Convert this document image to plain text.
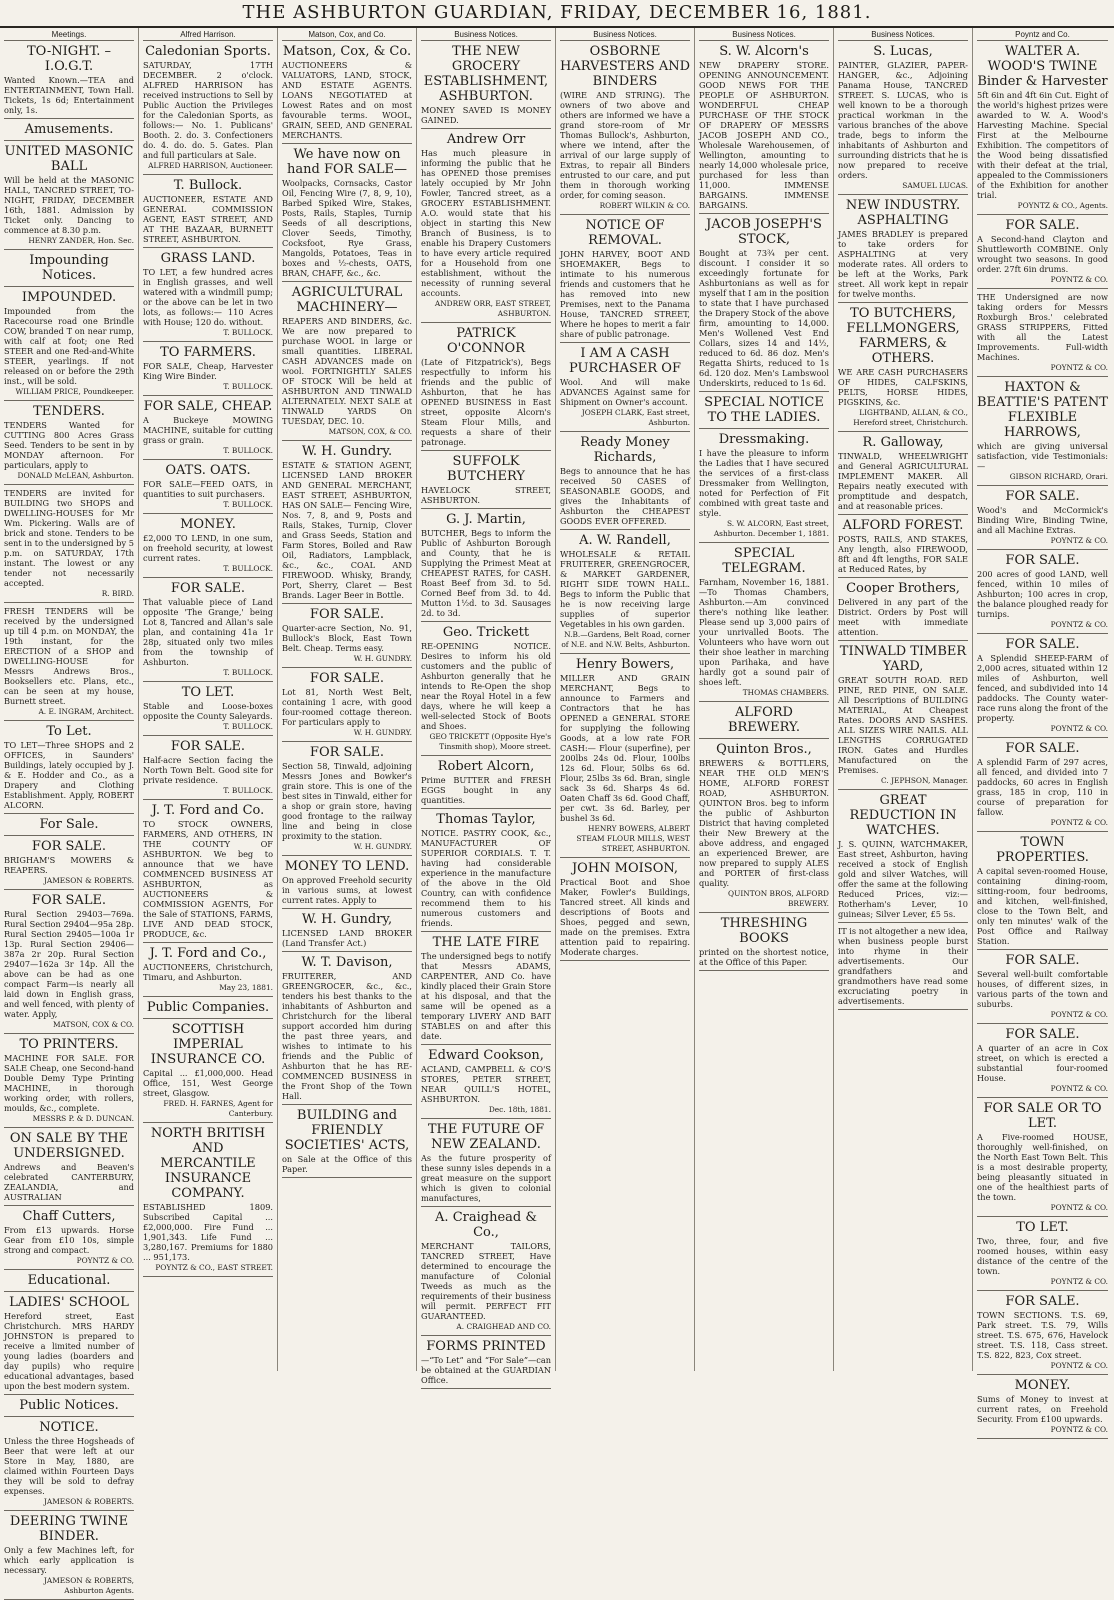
THE ASHBURTON GUARDIAN, FRIDAY, DECEMBER 16, 1881.
Meetings.
TO-NIGHT. – I.O.G.T.
Wanted Known.—TEA and ENTERTAINMENT, Town Hall. Tickets, 1s 6d; Entertainment only, 1s.
Amusements.
UNITED MASONIC BALL
Will be held at the MASONIC HALL, TANCRED STREET, TO-NIGHT, FRIDAY, DECEMBER 16th, 1881. Admission by Ticket only. Dancing to commence at 8.30 p.m.
HENRY ZANDER, Hon. Sec.
Impounding Notices.
IMPOUNDED.
Impounded from the Racecourse road one Brindle COW, branded T on near rump, with calf at foot; one Red STEER and one Red-and-White STEER, yearlings. If not released on or before the 29th inst., will be sold.
WILLIAM PRICE, Poundkeeper.
TENDERS.
TENDERS Wanted for CUTTING 800 Acres Grass Seed. Tenders to be sent in by MONDAY afternoon. For particulars, apply to
DONALD McLEAN, Ashburton.
TENDERS are invited for BUILDING two SHOPS and DWELLING-HOUSES for Mr Wm. Pickering. Walls are of brick and stone. Tenders to be sent in to the undersigned by 5 p.m. on SATURDAY, 17th instant. The lowest or any tender not necessarily accepted.
R. BIRD.
FRESH TENDERS will be received by the undersigned up till 4 p.m. on MONDAY, the 19th instant, for the ERECTION of a SHOP and DWELLING-HOUSE for Messrs Andrews Bros., Booksellers etc. Plans, etc., can be seen at my house, Burnett street.
A. E. INGRAM, Architect.
To Let.
TO LET—Three SHOPS and 2 OFFICES, in Saunders' Buildings, lately occupied by J. & E. Hodder and Co., as a Drapery and Clothing Establishment. Apply, ROBERT ALCORN.
For Sale.
FOR SALE.
BRIGHAM'S MOWERS & REAPERS.
JAMESON & ROBERTS.
FOR SALE.
Rural Section 29403—769a. Rural Section 29404—95a 28p. Rural Section 29405—100a 1r 13p. Rural Section 29406—387a 2r 20p. Rural Section 29407—162a 3r 14p. All the above can be had as one compact Farm—is nearly all laid down in English grass, and well fenced, with plenty of water. Apply,
MATSON, COX & CO.
TO PRINTERS.
MACHINE FOR SALE. FOR SALE Cheap, one Second-hand Double Demy Type Printing MACHINE, in thorough working order, with rollers, moulds, &c., complete.
MESSRS P. & D. DUNCAN.
ON SALE BY THE UNDERSIGNED.
Andrews and Beaven's celebrated CANTERBURY, ZEALANDIA, and AUSTRALIAN
Chaff Cutters,
From £13 upwards. Horse Gear from £10 10s, simple strong and compact.
POYNTZ & CO.
Educational.
LADIES' SCHOOL
Hereford street, East Christchurch. MRS HARDY JOHNSTON is prepared to receive a limited number of young ladies (boarders and day pupils) who require educational advantages, based upon the best modern system.
Public Notices.
NOTICE.
Unless the three Hogsheads of Beer that were left at our Store in May, 1880, are claimed within Fourteen Days they will be sold to defray expenses.
JAMESON & ROBERTS.
DEERING TWINE BINDER.
Only a few Machines left, for which early application is necessary.
JAMESON & ROBERTS, Ashburton Agents.
Alfred Harrison.
Caledonian Sports.
SATURDAY, 17TH DECEMBER. 2 o'clock. ALFRED HARRISON has received instructions to Sell by Public Auction the Privileges for the Caledonian Sports, as follows:— No. 1. Publicans' Booth. 2. do. 3. Confectioners do. 4. do. do. 5. Gates. Plan and full particulars at Sale.
ALFRED HARRISON, Auctioneer.
T. Bullock.
AUCTIONEER, ESTATE AND GENERAL COMMISSION AGENT, EAST STREET, AND AT THE BAZAAR, BURNETT STREET, ASHBURTON.
GRASS LAND.
TO LET, a few hundred acres in English grasses, and well watered with a windmill pump; or the above can be let in two lots, as follows:— 110 Acres with House; 120 do. without.
T. BULLOCK.
TO FARMERS.
FOR SALE, Cheap, Harvester King Wire Binder.
T. BULLOCK.
FOR SALE, CHEAP.
A Buckeye MOWING MACHINE, suitable for cutting grass or grain.
T. BULLOCK.
OATS. OATS.
FOR SALE—FEED OATS, in quantities to suit purchasers.
T. BULLOCK.
MONEY.
£2,000 TO LEND, in one sum, on freehold security, at lowest current rates.
T. BULLOCK.
FOR SALE.
That valuable piece of Land opposite 'The Grange,' being Lot 8, Tancred and Allan's sale plan, and containing 41a 1r 28p, situated only two miles from the township of Ashburton.
T. BULLOCK.
TO LET.
Stable and Loose-boxes opposite the County Saleyards.
T. BULLOCK.
FOR SALE.
Half-acre Section facing the North Town Belt. Good site for private residence.
T. BULLOCK.
J. T. Ford and Co.
TO STOCK OWNERS, FARMERS, AND OTHERS, IN THE COUNTY OF ASHBURTON. We beg to announce that we have COMMENCED BUSINESS AT ASHBURTON, as AUCTIONEERS & COMMISSION AGENTS, For the Sale of STATIONS, FARMS, LIVE AND DEAD STOCK, PRODUCE, &c.
J. T. Ford and Co.,
AUCTIONEERS, Christchurch, Timaru, and Ashburton.
May 23, 1881.
Public Companies.
SCOTTISH IMPERIAL INSURANCE CO.
Capital ... £1,000,000. Head Office, 151, West George street, Glasgow.
FRED. H. FARNES, Agent for Canterbury.
NORTH BRITISH AND MERCANTILE INSURANCE COMPANY.
ESTABLISHED 1809. Subscribed Capital ... £2,000,000. Fire Fund ... 1,901,343. Life Fund ... 3,280,167. Premiums for 1880 ... 951,173.
POYNTZ & CO., EAST STREET.
Matson, Cox, and Co.
Matson, Cox, & Co.
AUCTIONEERS & VALUATORS, LAND, STOCK, AND ESTATE AGENTS. LOANS NEGOTIATED at Lowest Rates and on most favourable terms. WOOL, GRAIN, SEED, AND GENERAL MERCHANTS.
We have now on hand FOR SALE—
Woolpacks, Cornsacks, Castor Oil, Fencing Wire (7, 8, 9, 10), Barbed Spiked Wire, Stakes, Posts, Rails, Staples, Turnip Seeds of all descriptions, Clover Seeds, Timothy, Cocksfoot, Rye Grass, Mangolds, Potatoes, Teas in boxes and ½-chests, OATS, BRAN, CHAFF, &c., &c.
AGRICULTURAL MACHINERY—
REAPERS AND BINDERS, &c. We are now prepared to purchase WOOL in large or small quantities. LIBERAL CASH ADVANCES made on wool. FORTNIGHTLY SALES OF STOCK Will be held at ASHBURTON AND TINWALD ALTERNATELY. NEXT SALE at TINWALD YARDS On TUESDAY, DEC. 10.
MATSON, COX, & CO.
W. H. Gundry.
ESTATE & STATION AGENT, LICENSED LAND BROKER AND GENERAL MERCHANT, EAST STREET, ASHBURTON, HAS ON SALE— Fencing Wire, Nos. 7, 8, and 9, Posts and Rails, Stakes, Turnip, Clover and Grass Seeds, Station and Farm Stores, Boiled and Raw Oil, Radiators, Lampblack, &c., &c., COAL AND FIREWOOD. Whisky, Brandy, Port, Sherry, Claret — Best Brands. Lager Beer in Bottle.
FOR SALE.
Quarter-acre Section, No. 91, Bullock's Block, East Town Belt. Cheap. Terms easy.
W. H. GUNDRY.
FOR SALE.
Lot 81, North West Belt, containing 1 acre, with good four-roomed cottage thereon. For particulars apply to
W. H. GUNDRY.
FOR SALE.
Section 58, Tinwald, adjoining Messrs Jones and Bowker's grain store. This is one of the best sites in Tinwald, either for a shop or grain store, having good frontage to the railway line and being in close proximity to the station.
W. H. GUNDRY.
MONEY TO LEND.
On approved Freehold security in various sums, at lowest current rates. Apply to
W. H. Gundry,
LICENSED LAND BROKER (Land Transfer Act.)
W. T. Davison,
FRUITERER, AND GREENGROCER, &c., &c., tenders his best thanks to the inhabitants of Ashburton and Christchurch for the liberal support accorded him during the past three years, and wishes to intimate to his friends and the Public of Ashburton that he has RE-COMMENCED BUSINESS in the Front Shop of the Town Hall.
BUILDING and FRIENDLY SOCIETIES' ACTS,
on Sale at the Office of this Paper.
Business Notices.
THE NEW GROCERY ESTABLISHMENT, ASHBURTON.
MONEY SAVED IS MONEY GAINED.
Andrew Orr
Has much pleasure in informing the public that he has OPENED those premises lately occupied by Mr John Fowler, Tancred street, as a GROCERY ESTABLISHMENT. A.O. would state that his object in starting this New Branch of Business, is to enable his Drapery Customers to have every article required for a Household from one establishment, without the necessity of running several accounts.
ANDREW ORR, EAST STREET, ASHBURTON.
PATRICK O'CONNOR
(Late of Fitzpatrick's), Begs respectfully to inform his friends and the public of Ashburton, that he has OPENED BUSINESS in East street, opposite Alcorn's Steam Flour Mills, and requests a share of their patronage.
SUFFOLK BUTCHERY
HAVELOCK STREET, ASHBURTON.
G. J. Martin,
BUTCHER, Begs to inform the Public of Ashburton Borough and County, that he is Supplying the Primest Meat at CHEAPEST RATES, for CASH. Roast Beef from 3d. to 5d. Corned Beef from 3d. to 4d. Mutton 1½d. to 3d. Sausages 2d. to 3d.
Geo. Trickett
RE-OPENING NOTICE. Desires to inform his old customers and the public of Ashburton generally that he intends to Re-Open the shop near the Royal Hotel in a few days, where he will keep a well-selected Stock of Boots and Shoes.
GEO TRICKETT (Opposite Hye's Tinsmith shop), Moore street.
Robert Alcorn,
Prime BUTTER and FRESH EGGS bought in any quantities.
Thomas Taylor,
NOTICE. PASTRY COOK, &c., MANUFACTURER OF SUPERIOR CORDIALS. T. T. having had considerable experience in the manufacture of the above in the Old Country, can with confidence recommend them to his numerous customers and friends.
THE LATE FIRE
The undersigned begs to notify that Messrs ADAMS, CARPENTER, AND Co. have kindly placed their Grain Store at his disposal, and that the same will be opened as a temporary LIVERY AND BAIT STABLES on and after this date.
Edward Cookson,
ACLAND, CAMPBELL & CO'S STORES, PETER STREET, NEAR QUILL'S HOTEL, ASHBURTON.
Dec. 18th, 1881.
THE FUTURE OF NEW ZEALAND.
As the future prosperity of these sunny isles depends in a great measure on the support which is given to colonial manufactures,
A. Craighead & Co.,
MERCHANT TAILORS, TANCRED STREET, Have determined to encourage the manufacture of Colonial Tweeds as much as the requirements of their business will permit. PERFECT FIT GUARANTEED.
A. CRAIGHEAD AND CO.
FORMS PRINTED
—“To Let” and “For Sale”—can be obtained at the GUARDIAN Office.
Business Notices.
OSBORNE HARVESTERS AND BINDERS
(WIRE AND STRING). The owners of two above and others are informed we have a grand store-room of Mr Thomas Bullock's, Ashburton, where we intend, after the arrival of our large supply of Extras, to repair all Binders entrusted to our care, and put them in thorough working order, for coming season.
ROBERT WILKIN & CO.
NOTICE OF REMOVAL.
JOHN HARVEY, BOOT AND SHOEMAKER, Begs to intimate to his numerous friends and customers that he has removed into new Premises, next to the Panama House, TANCRED STREET, Where he hopes to merit a fair share of public patronage.
I AM A CASH PURCHASER OF
Wool. And will make ADVANCES Against same for Shipment on Owner's account.
JOSEPH CLARK, East street, Ashburton.
Ready Money Richards,
Begs to announce that he has received 50 CASES of SEASONABLE GOODS, and gives the Inhabitants of Ashburton the CHEAPEST GOODS EVER OFFERED.
A. W. Randell,
WHOLESALE & RETAIL FRUITERER, GREENGROCER, & MARKET GARDENER, RIGHT SIDE TOWN HALL. Begs to inform the Public that he is now receiving large supplies of superior Vegetables in his own garden.
N.B.—Gardens, Belt Road, corner of N.E. and N.W. Belts, Ashburton.
Henry Bowers,
MILLER AND GRAIN MERCHANT, Begs to announce to Farmers and Contractors that he has OPENED a GENERAL STORE for supplying the following Goods, at a low rate FOR CASH:— Flour (superfine), per 200lbs 24s 0d. Flour, 100lbs 12s 6d. Flour, 50lbs 6s 6d. Flour, 25lbs 3s 6d. Bran, single sack 3s 6d. Sharps 4s 6d. Oaten Chaff 3s 6d. Good Chaff, per cwt. 3s 6d. Barley, per bushel 3s 6d.
HENRY BOWERS, ALBERT STEAM FLOUR MILLS, WEST STREET, ASHBURTON.
JOHN MOISON,
Practical Boot and Shoe Maker, Fowler's Buildings, Tancred street. All kinds and descriptions of Boots and Shoes, pegged and sewn, made on the premises. Extra attention paid to repairing. Moderate charges.
Business Notices.
S. W. Alcorn's
NEW DRAPERY STORE. OPENING ANNOUNCEMENT. GOOD NEWS FOR THE PEOPLE OF ASHBURTON. WONDERFUL CHEAP PURCHASE OF THE STOCK OF DRAPERY OF MESSRS JACOB JOSEPH AND CO., Wholesale Warehousemen, of Wellington, amounting to nearly 14,000 wholesale price, purchased for less than 11,000. IMMENSE BARGAINS. IMMENSE BARGAINS.
JACOB JOSEPH'S STOCK,
Bought at 73¾ per cent. discount. I consider it so exceedingly fortunate for Ashburtonians as well as for myself that I am in the position to state that I have purchased the Drapery Stock of the above firm, amounting to 14,000. Men's Wollened Vest End Collars, sizes 14 and 14½, reduced to 6d. 86 doz. Men's Regatta Shirts, reduced to 1s 6d. 120 doz. Men's Lambswool Underskirts, reduced to 1s 6d.
SPECIAL NOTICE TO THE LADIES.
Dressmaking.
I have the pleasure to inform the Ladies that I have secured the services of a first-class Dressmaker from Wellington, noted for Perfection of Fit combined with great taste and style.
S. W. ALCORN, East street, Ashburton. December 1, 1881.
SPECIAL TELEGRAM.
Farnham, November 16, 1881.—To Thomas Chambers, Ashburton.—Am convinced there's nothing like leather. Please send up 3,000 pairs of your unrivalled Boots. The Volunteers who have worn out their shoe leather in marching upon Parihaka, and have hardly got a sound pair of shoes left.
THOMAS CHAMBERS.
ALFORD BREWERY.
Quinton Bros.,
BREWERS & BOTTLERS, NEAR THE OLD MEN'S HOME, ALFORD FOREST ROAD, ASHBURTON. QUINTON Bros. beg to inform the public of Ashburton District that having completed their New Brewery at the above address, and engaged an experienced Brewer, are now prepared to supply ALES and PORTER of first-class quality.
QUINTON BROS, ALFORD BREWERY.
THRESHING BOOKS
printed on the shortest notice, at the Office of this Paper.
Business Notices.
S. Lucas,
PAINTER, GLAZIER, PAPER-HANGER, &c., Adjoining Panama House, TANCRED STREET. S. LUCAS, who is well known to be a thorough practical workman in the various branches of the above trade, begs to inform the inhabitants of Ashburton and surrounding districts that he is now prepared to receive orders.
SAMUEL LUCAS.
NEW INDUSTRY. ASPHALTING
JAMES BRADLEY is prepared to take orders for ASPHALTING at very moderate rates. All orders to be left at the Works, Park street. All work kept in repair for twelve months.
TO BUTCHERS, FELLMONGERS, FARMERS, & OTHERS.
WE ARE CASH PURCHASERS OF HIDES, CALFSKINS, PELTS, HORSE HIDES, PIGSKINS, &c.
LIGHTBAND, ALLAN, & CO., Hereford street, Christchurch.
R. Galloway,
TINWALD, WHEELWRIGHT and General AGRICULTURAL IMPLEMENT MAKER. All Repairs neatly executed with promptitude and despatch, and at reasonable prices.
ALFORD FOREST.
POSTS, RAILS, AND STAKES, Any length, also FIREWOOD, 8ft and 4ft lengths, FOR SALE at Reduced Rates, by
Cooper Brothers,
Delivered in any part of the District. Orders by Post will meet with immediate attention.
TINWALD TIMBER YARD,
GREAT SOUTH ROAD. RED PINE, RED PINE, ON SALE. All Descriptions of BUILDING MATERIAL, At Cheapest Rates. DOORS AND SASHES. ALL SIZES WIRE NAILS. ALL LENGTHS CORRUGATED IRON. Gates and Hurdles Manufactured on the Premises.
C. JEPHSON, Manager.
GREAT REDUCTION IN WATCHES.
J. S. QUINN, WATCHMAKER, East street, Ashburton, having received a stock of English gold and silver Watches, will offer the same at the following Reduced Prices, viz:— Rotherham's Lever, 10 guineas; Silver Lever, £5 5s.
IT is not altogether a new idea, when business people burst into rhyme in their advertisements. Our grandfathers and grandmothers have read some excruciating poetry in advertisements.
Poyntz and Co.
WALTER A. WOOD'S TWINE Binder & Harvester
5ft 6in and 4ft 6in Cut. Eight of the world's highest prizes were awarded to W. A. Wood's Harvesting Machine. Special First at the Melbourne Exhibition. The competitors of the Wood being dissatisfied with their defeat at the trial, appealed to the Commissioners of the Exhibition for another trial.
POYNTZ & CO., Agents.
FOR SALE.
A Second-hand Clayton and Shuttleworth COMBINE. Only wrought two seasons. In good order. 27ft 6in drums.
POYNTZ & CO.
THE Undersigned are now taking orders for Messrs Roxburgh Bros.' celebrated GRASS STRIPPERS, Fitted with all the Latest Improvements. Full-width Machines.
POYNTZ & CO.
HAXTON & BEATTIE'S PATENT FLEXIBLE HARROWS,
which are giving universal satisfaction, vide Testimonials:—
GIBSON RICHARD, Orari.
FOR SALE.
Wood's and McCormick's Binding Wire, Binding Twine, and all Machine Extras.
POYNTZ & CO.
FOR SALE.
200 acres of good LAND, well fenced, within 10 miles of Ashburton; 100 acres in crop, the balance ploughed ready for turnips.
POYNTZ & CO.
FOR SALE.
A Splendid SHEEP-FARM of 2,000 acres, situated within 12 miles of Ashburton, well fenced, and subdivided into 14 paddocks. The County water-race runs along the front of the property.
POYNTZ & CO.
FOR SALE.
A splendid Farm of 297 acres, all fenced, and divided into 7 paddocks, 60 acres in English grass, 185 in crop, 110 in course of preparation for fallow.
POYNTZ & CO.
TOWN PROPERTIES.
A capital seven-roomed House, containing dining-room, sitting-room, four bedrooms, and kitchen, well-finished, close to the Town Belt, and only ten minutes' walk of the Post Office and Railway Station.
FOR SALE.
Several well-built comfortable houses, of different sizes, in various parts of the town and suburbs.
POYNTZ & CO.
FOR SALE.
A quarter of an acre in Cox street, on which is erected a substantial four-roomed House.
POYNTZ & CO.
FOR SALE OR TO LET.
A Five-roomed HOUSE, thoroughly well-finished, on the North East Town Belt. This is a most desirable property, being pleasantly situated in one of the healthiest parts of the town.
POYNTZ & CO.
TO LET.
Two, three, four, and five roomed houses, within easy distance of the centre of the town.
POYNTZ & CO.
FOR SALE.
TOWN SECTIONS. T.S. 69, Park street. T.S. 79, Wills street. T.S. 675, 676, Havelock street. T.S. 118, Cass street. T.S. 822, 823, Cox street.
POYNTZ & CO.
MONEY.
Sums of Money to invest at current rates, on Freehold Security. From £100 upwards.
POYNTZ & CO.
